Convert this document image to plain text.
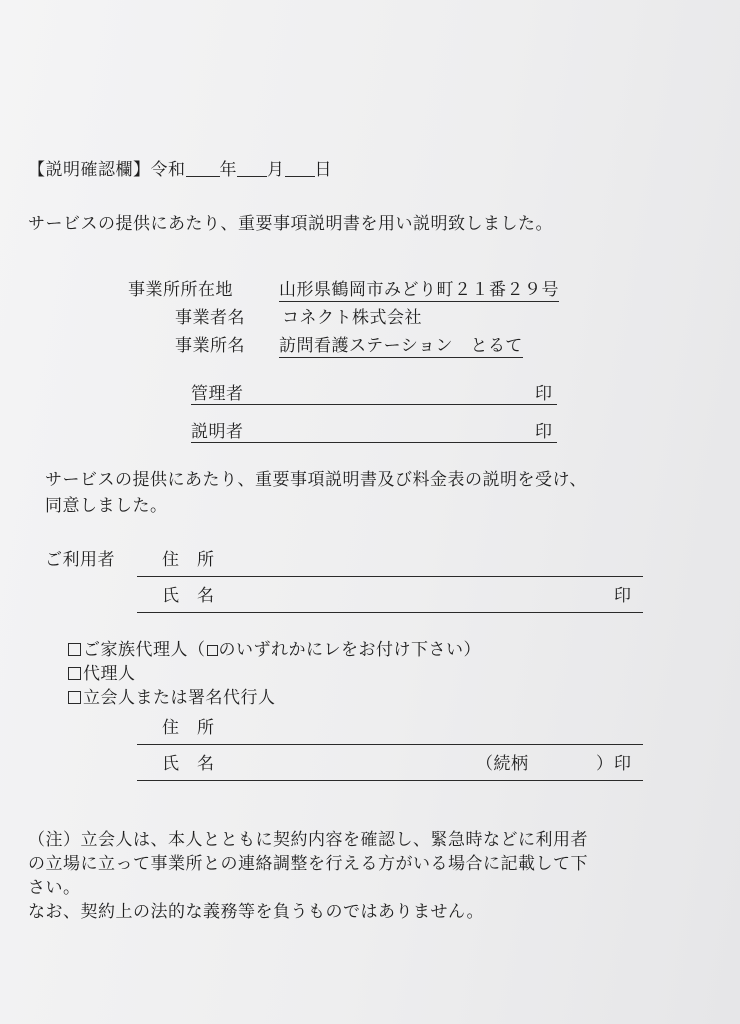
【説明確認欄】令和 年 月 日
サービスの提供にあたり、重要事項説明書を用い説明致しました。
事業所所在地	山形県鶴岡市みどり町２１番２９号
事業者名 コネクト株式会社
事業所名 訪問看護ステーション　とるて
管理者	印
説明者	印
サービスの提供にあたり、重要事項説明書及び料金表の説明を受け、
同意しました。
ご利用者	住　所
氏　名	印
ご家族代理人（ のいずれかにレをお付け下さい）
代理人
立会人または署名代行人
住　所
氏　名	（続柄	） 印
（注）立会人は、本人とともに契約内容を確認し、緊急時などに利用者
の立場に立って事業所との連絡調整を行える方がいる場合に記載して下
さい。
なお、契約上の法的な義務等を負うものではありません。
